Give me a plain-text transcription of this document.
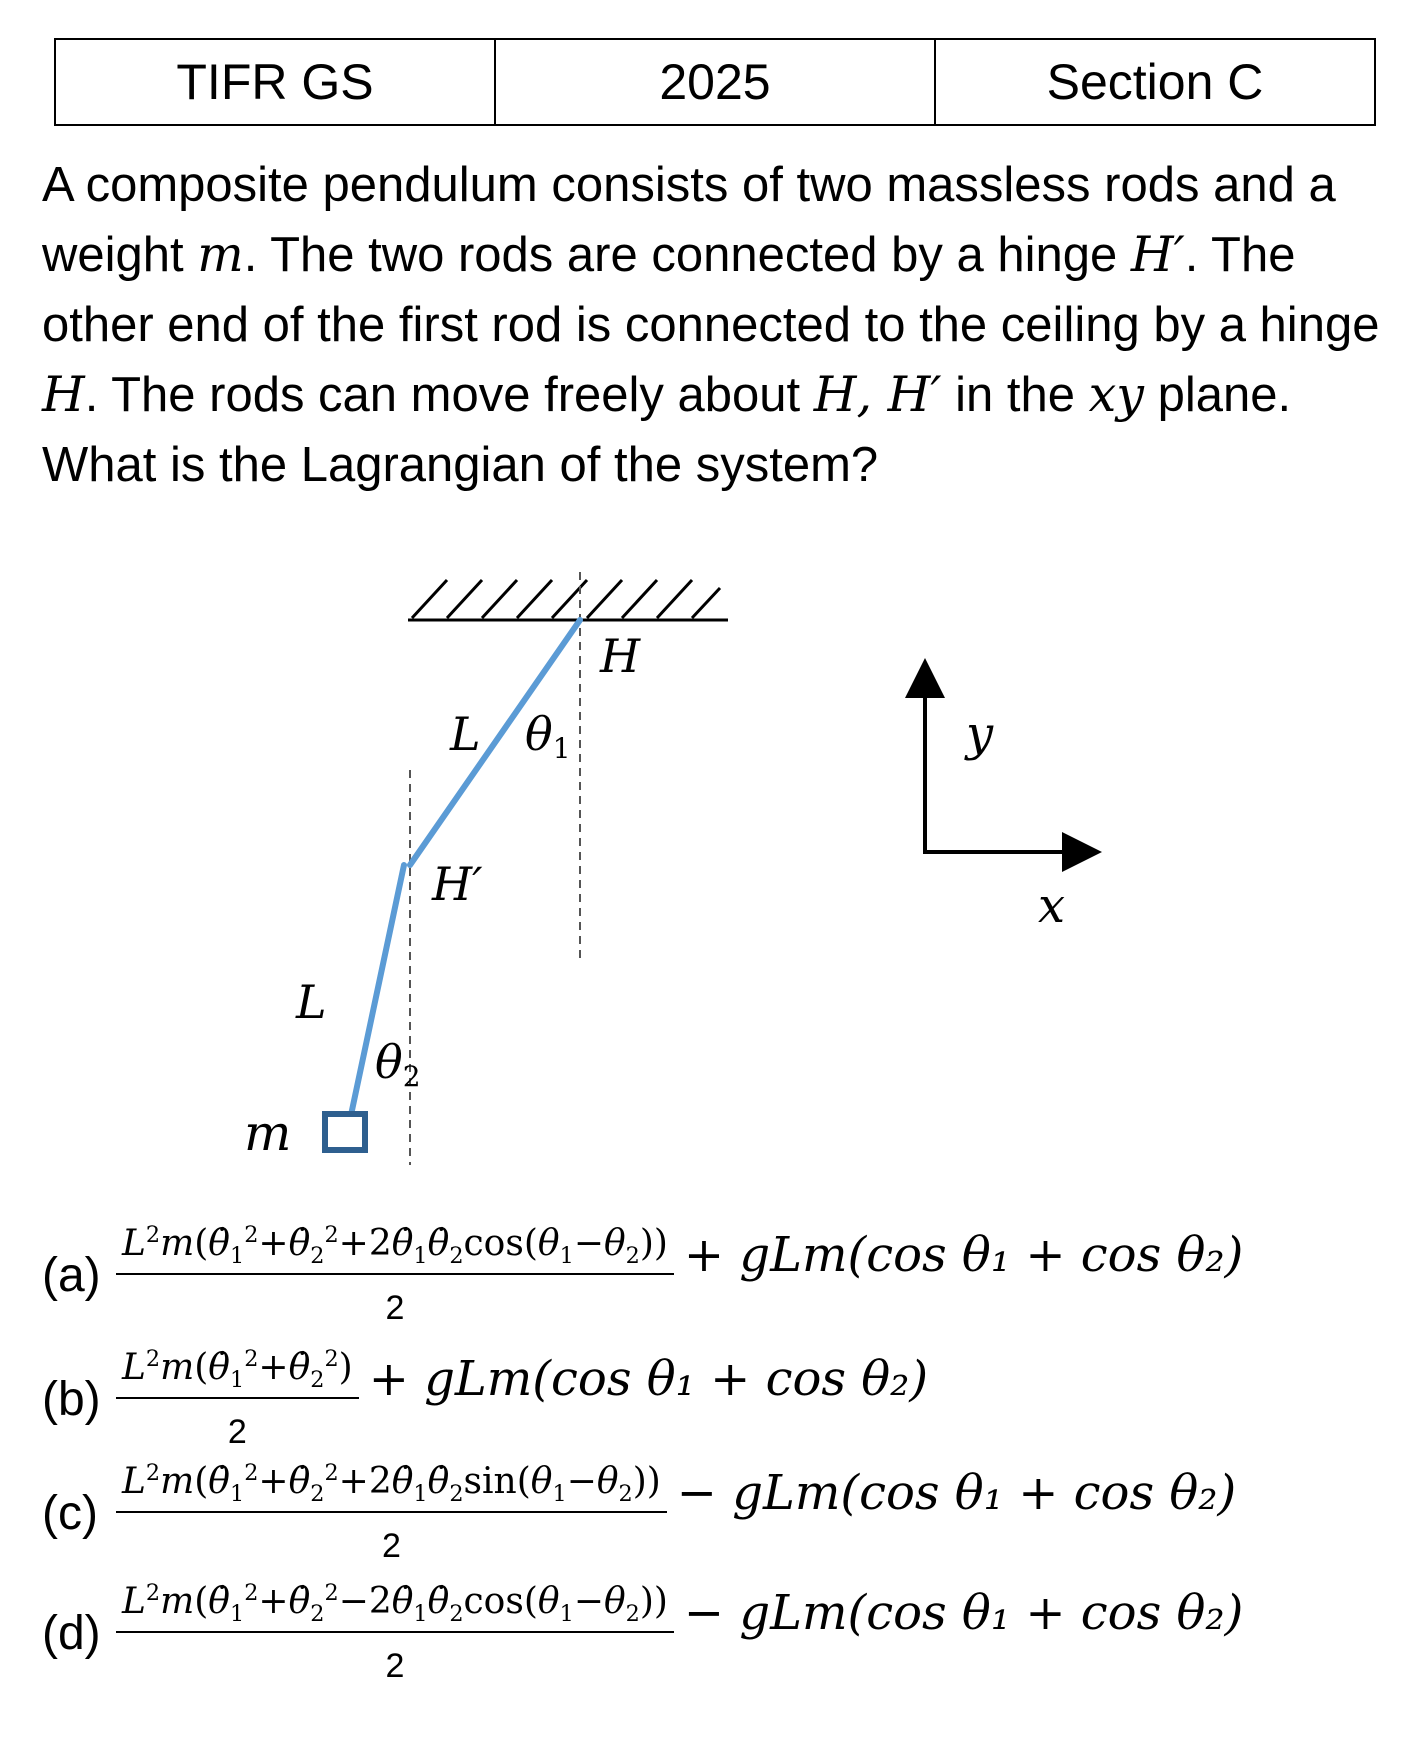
TIFR GS	2025	Section C

A composite pendulum consists of two massless rods and a weight m. The two rods are connected by a hinge H′. The other end of the first rod is connected to the ceiling by a hinge H. The rods can move freely about H, H′ in the xy plane. What is the Lagrangian of the system?

H
L θ1
H′
L
θ2
m
y
x
$(a) \frac{L^2m(\thetȧ_1^2+\thetȧ_2^2+2\thetȧ_1\thetȧ_2\cos(\theta_1-\theta_2))}{2} + gLm(\cos$ θ₁ + cos θ₂)
$(b) \frac{L^2m(\thetȧ_1^2+\thetȧ_2^2)}{2} + gLm(\cos$ θ₁ + cos θ₂)
$(c) \frac{L^2m(\thetȧ_1^2+\thetȧ_2^2+2\thetȧ_1\thetȧ_2\sin(\theta_1-\theta_2))}{2} - gLm(\cos$ θ₁ + cos θ₂)
$(d) \frac{L^2m(\thetȧ_1^2+\thetȧ_2^2-2\thetȧ_1\thetȧ_2\cos(\theta_1-\theta_2))}{2} - gLm(\cos$ θ₁ + cos θ₂)
